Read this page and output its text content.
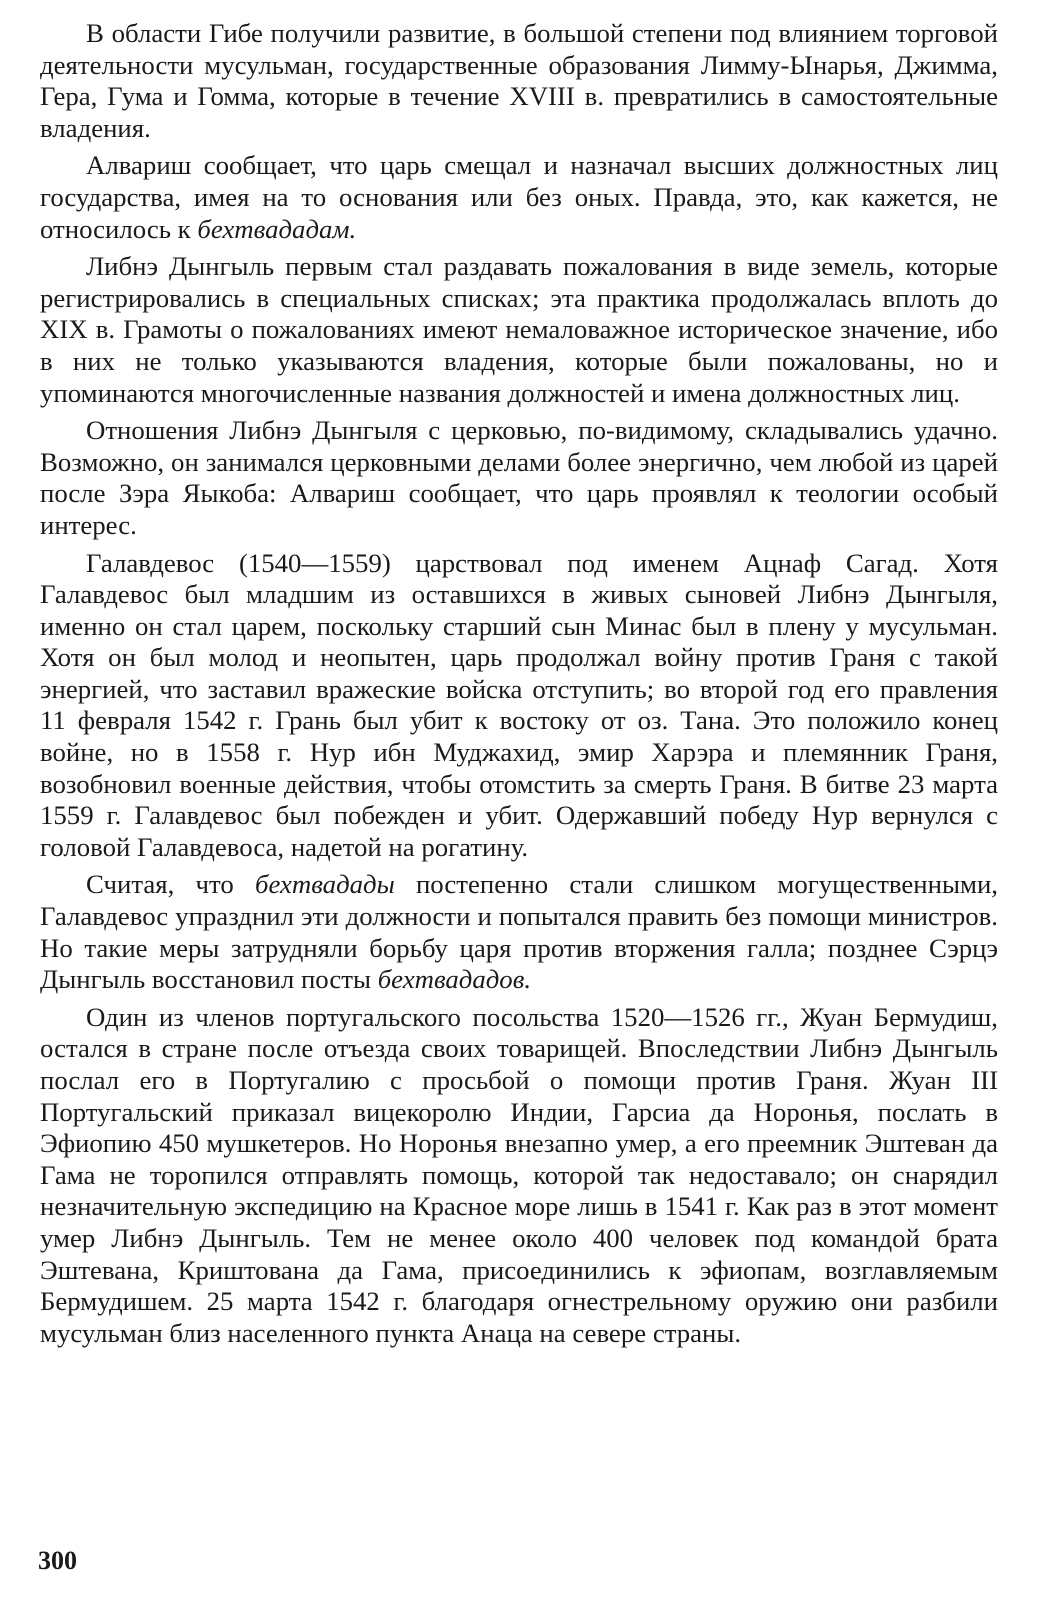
В области Гибе получили развитие, в большой степени под влиянием торговой деятельности мусульман, государственные образования Лимму-Ынарья, Джимма, Гера, Гума и Гомма, которые в течение XVIII в. превратились в самостоятельные владения.

Алвариш сообщает, что царь смещал и назначал высших должностных лиц государства, имея на то основания или без оных. Правда, это, как кажется, не относилось к бехтвададам.

Либнэ Дынгыль первым стал раздавать пожалования в виде земель, которые регистрировались в специальных списках; эта практика продолжалась вплоть до XIX в. Грамоты о пожалованиях имеют немаловажное историческое значение, ибо в них не только указываются владения, которые были пожалованы, но и упоминаются многочисленные названия должностей и имена должностных лиц.

Отношения Либнэ Дынгыля с церковью, по-видимому, складывались удачно. Возможно, он занимался церковными делами более энергично, чем любой из царей после Зэра Яыкоба: Алвариш сообщает, что царь проявлял к теологии особый интерес.

Галавдевос (1540—1559) царствовал под именем Ацнаф Сагад. Хотя Галавдевос был младшим из оставшихся в живых сыновей Либнэ Дынгыля, именно он стал царем, поскольку старший сын Минас был в плену у мусульман. Хотя он был молод и неопытен, царь продолжал войну против Граня с такой энергией, что заставил вражеские войска отступить; во второй год его правления 11 февраля 1542 г. Грань был убит к востоку от оз. Тана. Это положило конец войне, но в 1558 г. Нур ибн Муджахид, эмир Харэра и племянник Граня, возобновил военные действия, чтобы отомстить за смерть Граня. В битве 23 марта 1559 г. Галавдевос был побежден и убит. Одержавший победу Нур вернулся с головой Галавдевоса, надетой на рогатину.

Считая, что бехтвадады постепенно стали слишком могущественными, Галавдевос упразднил эти должности и попытался править без помощи министров. Но такие меры затрудняли борьбу царя против вторжения галла; позднее Сэрцэ Дынгыль восстановил посты бехтвададов.

Один из членов португальского посольства 1520—1526 гг., Жуан Бермудиш, остался в стране после отъезда своих товарищей. Впоследствии Либнэ Дынгыль послал его в Португалию с просьбой о помощи против Граня. Жуан III Португальский приказал вицекоролю Индии, Гарсиа да Норонья, послать в Эфиопию 450 мушкетеров. Но Норонья внезапно умер, а его преемник Эштеван да Гама не торопился отправлять помощь, которой так недоставало; он снарядил незначительную экспедицию на Красное море лишь в 1541 г. Как раз в этот момент умер Либнэ Дынгыль. Тем не менее около 400 человек под командой брата Эштевана, Криштована да Гама, присоединились к эфиопам, возглавляемым Бермудишем. 25 марта 1542 г. благодаря огнестрельному оружию они разбили мусульман близ населенного пункта Анаца на севере страны.

300
